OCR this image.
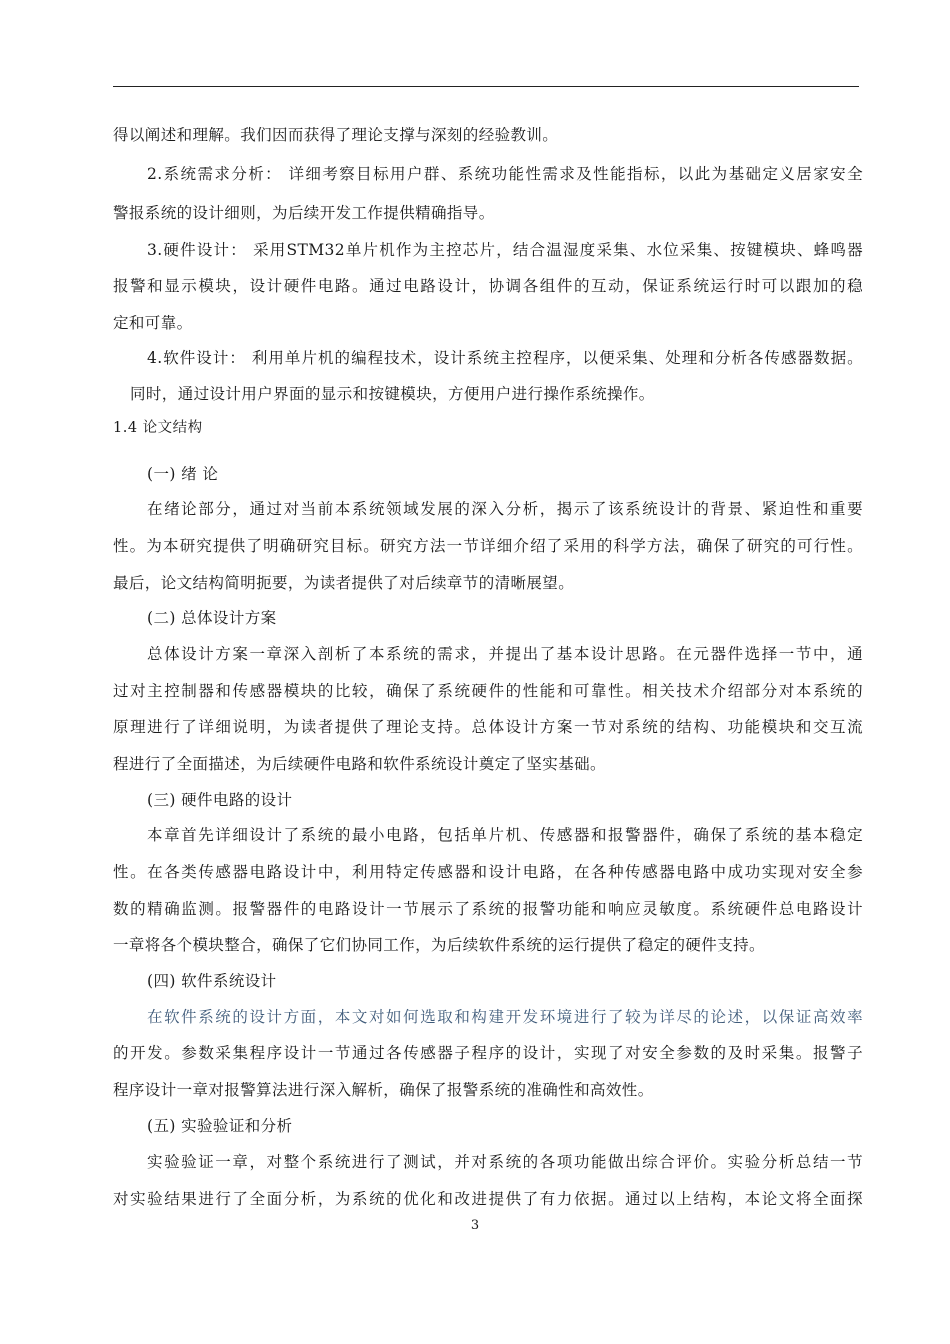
得以阐述和理解。我们因而获得了理论支撑与深刻的经验教训。
2.系统需求分析： 详细考察目标用户群、系统功能性需求及性能指标，以此为基础定义居家安全
警报系统的设计细则，为后续开发工作提供精确指导。
3.硬件设计： 采用STM32单片机作为主控芯片，结合温湿度采集、水位采集、按键模块、蜂鸣器
报警和显示模块，设计硬件电路。通过电路设计，协调各组件的互动，保证系统运行时可以跟加的稳
定和可靠。
4.软件设计： 利用单片机的编程技术，设计系统主控程序，以便采集、处理和分析各传感器数据。
同时，通过设计用户界面的显示和按键模块，方便用户进行操作系统操作。
1.4 论文结构
(一) 绪 论
在绪论部分，通过对当前本系统领域发展的深入分析，揭示了该系统设计的背景、紧迫性和重要
性。为本研究提供了明确研究目标。研究方法一节详细介绍了采用的科学方法，确保了研究的可行性。
最后，论文结构简明扼要，为读者提供了对后续章节的清晰展望。
(二) 总体设计方案
总体设计方案一章深入剖析了本系统的需求，并提出了基本设计思路。在元器件选择一节中，通
过对主控制器和传感器模块的比较，确保了系统硬件的性能和可靠性。相关技术介绍部分对本系统的
原理进行了详细说明，为读者提供了理论支持。总体设计方案一节对系统的结构、功能模块和交互流
程进行了全面描述，为后续硬件电路和软件系统设计奠定了坚实基础。
(三) 硬件电路的设计
本章首先详细设计了系统的最小电路，包括单片机、传感器和报警器件，确保了系统的基本稳定
性。在各类传感器电路设计中，利用特定传感器和设计电路，在各种传感器电路中成功实现对安全参
数的精确监测。报警器件的电路设计一节展示了系统的报警功能和响应灵敏度。系统硬件总电路设计
一章将各个模块整合，确保了它们协同工作，为后续软件系统的运行提供了稳定的硬件支持。
(四) 软件系统设计
在软件系统的设计方面，本文对如何选取和构建开发环境进行了较为详尽的论述，以保证高效率
的开发。参数采集程序设计一节通过各传感器子程序的设计，实现了对安全参数的及时采集。报警子
程序设计一章对报警算法进行深入解析，确保了报警系统的准确性和高效性。
(五) 实验验证和分析
实验验证一章，对整个系统进行了测试，并对系统的各项功能做出综合评价。实验分析总结一节
对实验结果进行了全面分析，为系统的优化和改进提供了有力依据。通过以上结构，本论文将全面探
3
